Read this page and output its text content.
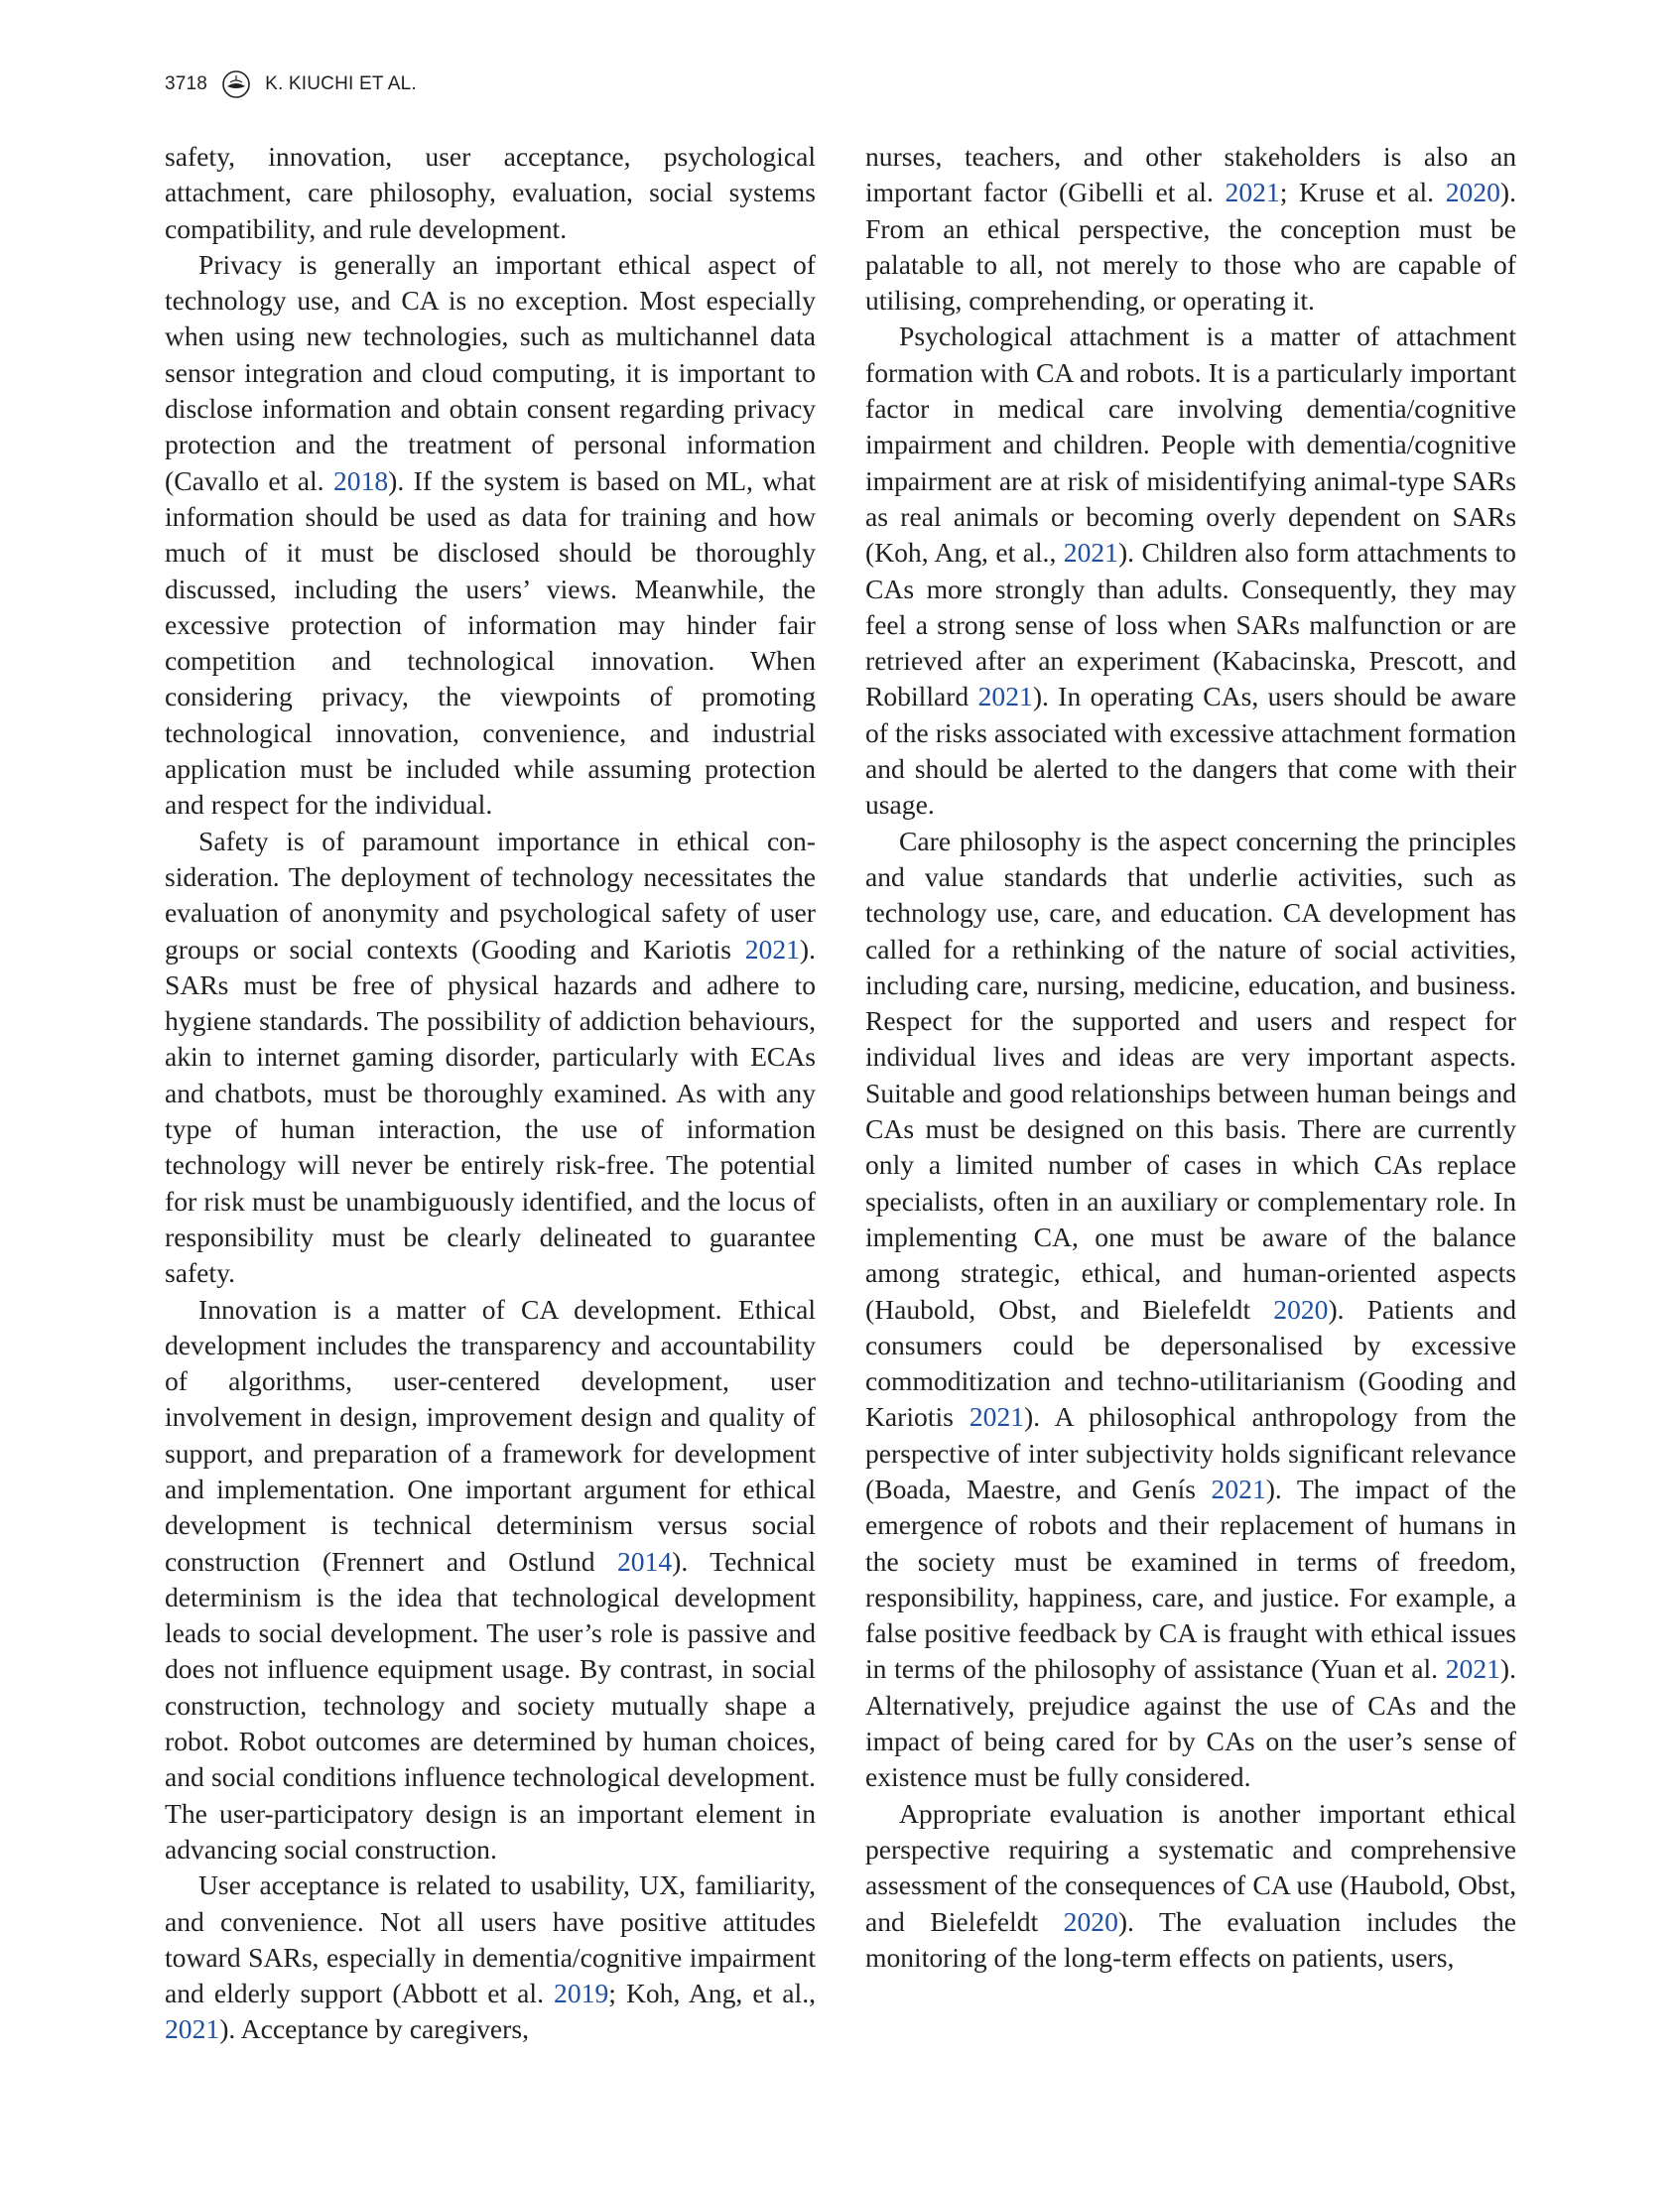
3718	K. KIUCHI ET AL.

safety, innovation, user acceptance, psychological attachment, care philosophy, evaluation, social systems compatibility, and rule development.

Privacy is generally an important ethical aspect of technology use, and CA is no exception. Most especially when using new technologies, such as multichannel data sensor integration and cloud computing, it is important to disclose information and obtain consent regarding privacy protection and the treatment of personal information (Cavallo et al. 2018). If the system is based on ML, what information should be used as data for training and how much of it must be disclosed should be thoroughly discussed, including the users’ views. Meanwhile, the excessive protection of information may hinder fair competition and technological innovation. When considering privacy, the viewpoints of promoting technological innovation, convenience, and industrial application must be included while assuming protection and respect for the individual.

Safety is of paramount importance in ethical consideration. The deployment of technology necessitates the evaluation of anonymity and psychological safety of user groups or social contexts (Gooding and Kariotis 2021). SARs must be free of physical hazards and adhere to hygiene standards. The possibility of addiction behaviours, akin to internet gaming disorder, particularly with ECAs and chatbots, must be thoroughly examined. As with any type of human interaction, the use of information technology will never be entirely risk-free. The potential for risk must be unambiguously identified, and the locus of responsibility must be clearly delineated to guarantee safety.

Innovation is a matter of CA development. Ethical development includes the transparency and accountability of algorithms, user-centered development, user involvement in design, improvement design and quality of support, and preparation of a framework for development and implementation. One important argument for ethical development is technical determinism versus social construction (Frennert and Ostlund 2014). Technical determinism is the idea that technological development leads to social development. The user’s role is passive and does not influence equipment usage. By contrast, in social construction, technology and society mutually shape a robot. Robot outcomes are determined by human choices, and social conditions influence technological development. The user-participatory design is an important element in advancing social construction.

User acceptance is related to usability, UX, familiarity, and convenience. Not all users have positive attitudes toward SARs, especially in dementia/cognitive impairment and elderly support (Abbott et al. 2019; Koh, Ang, et al., 2021). Acceptance by caregivers,

nurses, teachers, and other stakeholders is also an important factor (Gibelli et al. 2021; Kruse et al. 2020). From an ethical perspective, the conception must be palatable to all, not merely to those who are capable of utilising, comprehending, or operating it.

Psychological attachment is a matter of attachment formation with CA and robots. It is a particularly important factor in medical care involving dementia/​cognitive impairment and children. People with dementia/cognitive impairment are at risk of misidentifying animal-type SARs as real animals or becoming overly dependent on SARs (Koh, Ang, et al., 2021). Children also form attachments to CAs more strongly than adults. Consequently, they may feel a strong sense of loss when SARs malfunction or are retrieved after an experiment (Kabacinska, Prescott, and Robillard 2021). In operating CAs, users should be aware of the risks associated with excessive attachment formation and should be alerted to the dangers that come with their usage.

Care philosophy is the aspect concerning the principles and value standards that underlie activities, such as technology use, care, and education. CA development has called for a rethinking of the nature of social activities, including care, nursing, medicine, education, and business. Respect for the supported and users and respect for individual lives and ideas are very important aspects. Suitable and good relationships between human beings and CAs must be designed on this basis. There are currently only a limited number of cases in which CAs replace specialists, often in an auxiliary or complementary role. In implementing CA, one must be aware of the balance among strategic, ethical, and human-oriented aspects (Haubold, Obst, and Bielefeldt 2020). Patients and consumers could be depersonalised by excessive commoditization and techno-utilitarianism (Gooding and Kariotis 2021). A philosophical anthropology from the perspective of inter subjectivity holds significant relevance (Boada, Maestre, and Genís 2021). The impact of the emergence of robots and their replacement of humans in the society must be examined in terms of freedom, responsibility, happiness, care, and justice. For example, a false positive feedback by CA is fraught with ethical issues in terms of the philosophy of assistance (Yuan et al. 2021). Alternatively, prejudice against the use of CAs and the impact of being cared for by CAs on the user’s sense of existence must be fully considered.

Appropriate evaluation is another important ethical perspective requiring a systematic and comprehensive assessment of the consequences of CA use (Haubold, Obst, and Bielefeldt 2020). The evaluation includes the monitoring of the long-term effects on patients, users,
